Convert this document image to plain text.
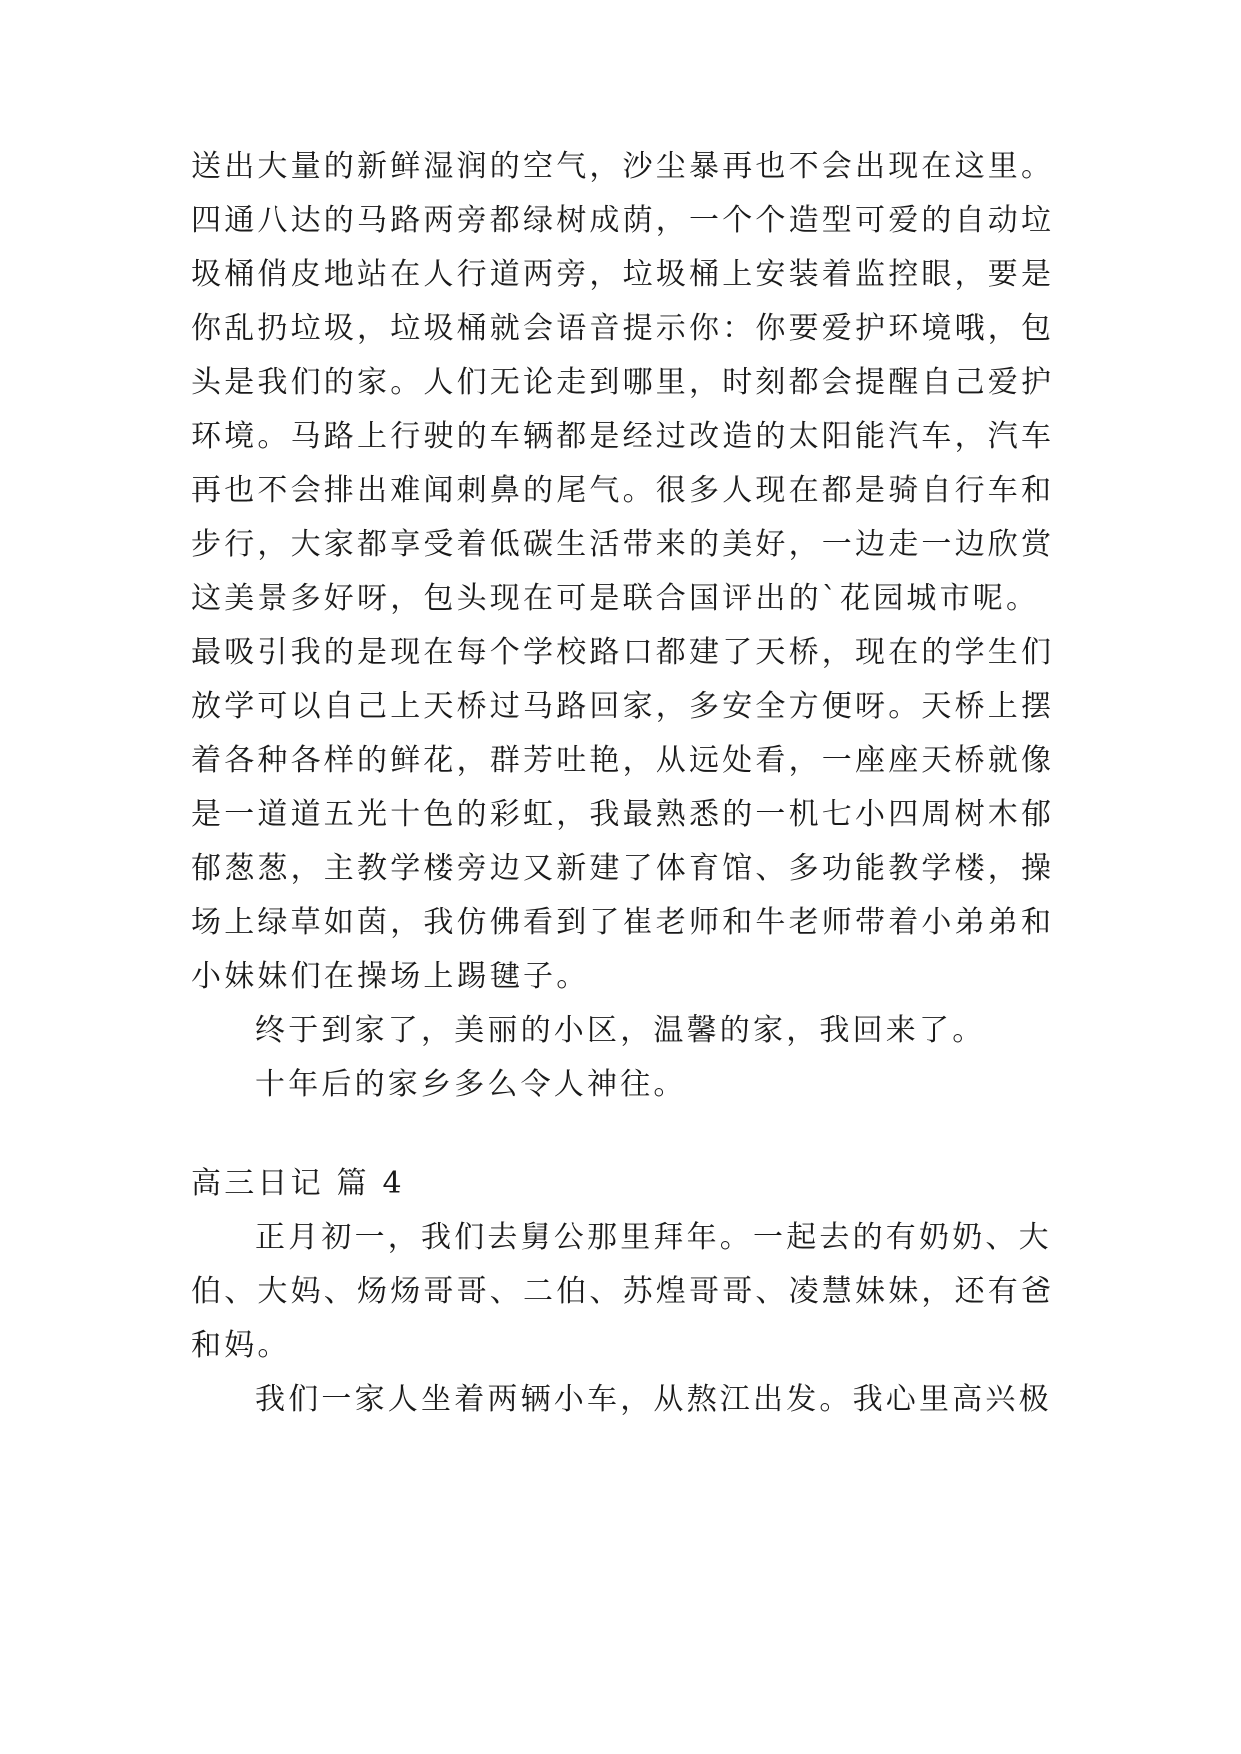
送出大量的新鲜湿润的空气，沙尘暴再也不会出现在这里。
四通八达的马路两旁都绿树成荫，一个个造型可爱的自动垃
圾桶俏皮地站在人行道两旁，垃圾桶上安装着监控眼，要是
你乱扔垃圾，垃圾桶就会语音提示你：你要爱护环境哦，包
头是我们的家。人们无论走到哪里，时刻都会提醒自己爱护
环境。马路上行驶的车辆都是经过改造的太阳能汽车，汽车
再也不会排出难闻刺鼻的尾气。很多人现在都是骑自行车和
步行，大家都享受着低碳生活带来的美好，一边走一边欣赏
这美景多好呀，包头现在可是联合国评出的`花园城市呢。
最吸引我的是现在每个学校路口都建了天桥，现在的学生们
放学可以自己上天桥过马路回家，多安全方便呀。天桥上摆
着各种各样的鲜花，群芳吐艳，从远处看，一座座天桥就像
是一道道五光十色的彩虹，我最熟悉的一机七小四周树木郁
郁葱葱，主教学楼旁边又新建了体育馆、多功能教学楼，操
场上绿草如茵，我仿佛看到了崔老师和牛老师带着小弟弟和
小妹妹们在操场上踢毽子。
终于到家了，美丽的小区，温馨的家，我回来了。
十年后的家乡多么令人神往。
高三日记 篇 4
正月初一，我们去舅公那里拜年。一起去的有奶奶、大
伯、大妈、炀炀哥哥、二伯、苏煌哥哥、凌慧妹妹，还有爸
和妈。
我们一家人坐着两辆小车，从熬江出发。我心里高兴极
